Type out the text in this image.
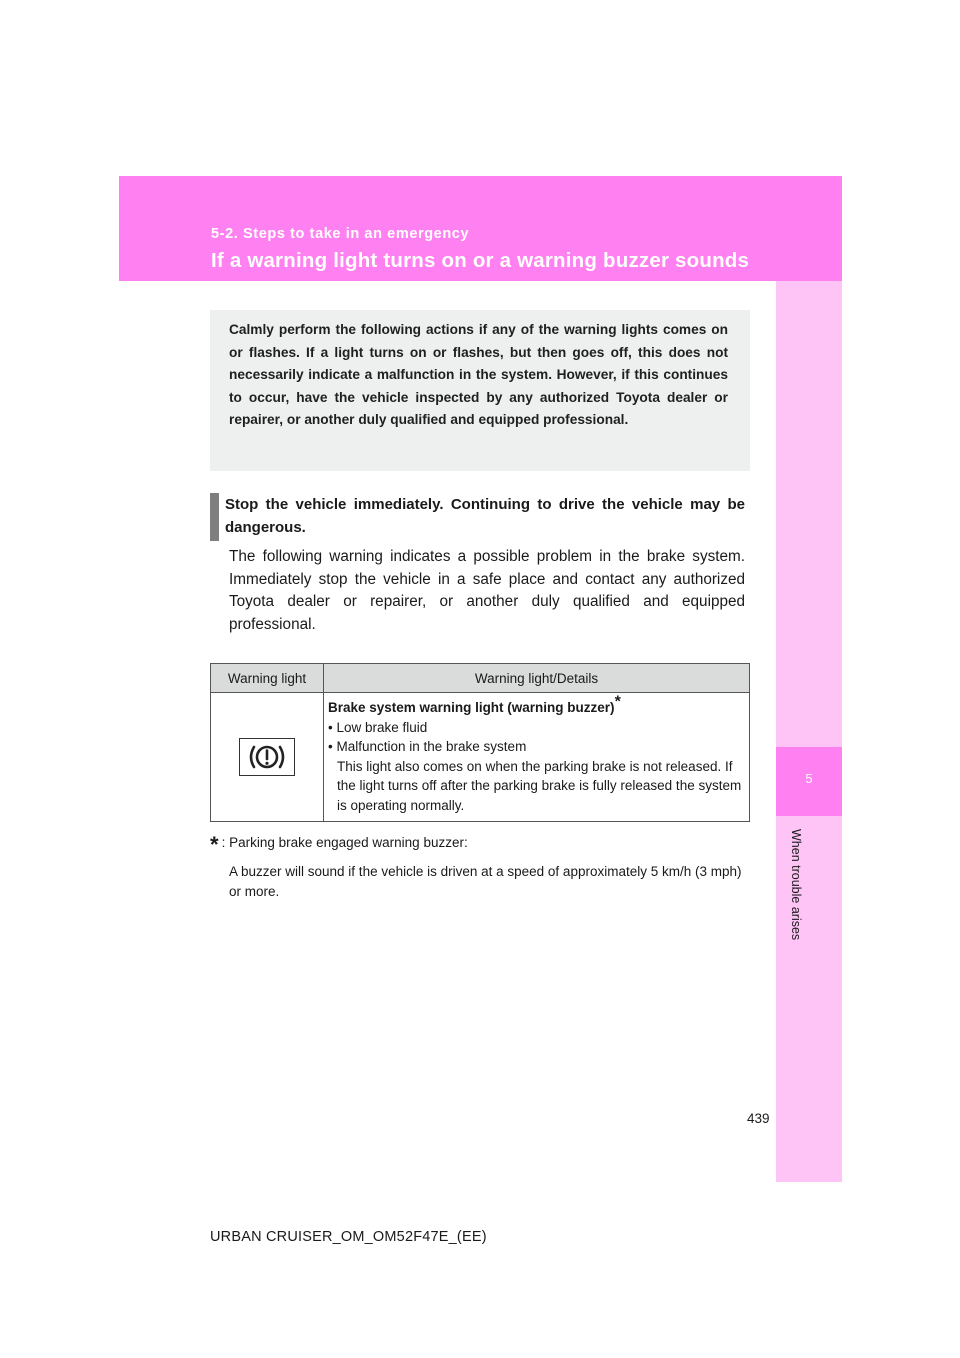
5-2. Steps to take in an emergency
If a warning light turns on or a warning buzzer sounds
5
When trouble arises

Calmly perform the following actions if any of the warning lights comes on or flashes. If a light turns on or flashes, but then goes off, this does not necessarily indicate a malfunction in the system. However, if this continues to occur, have the vehicle inspected by any authorized Toyota dealer or repairer, or another duly qualified and equipped professional.

Stop the vehicle immediately. Continuing to drive the vehicle may be dangerous.

The following warning indicates a possible problem in the brake system. Immediately stop the vehicle in a safe place and contact any authorized Toyota dealer or repairer, or another duly qualified and equipped professional.

Warning light	Warning light/Details

Brake system warning light (warning buzzer)*
• Low brake fluid
• Malfunction in the brake system
This light also comes on when the parking brake is not released. If the light turns off after the parking brake is fully released the system is operating normally.
* : Parking brake engaged warning buzzer:

A buzzer will sound if the vehicle is driven at a speed of approximately 5 km/h (3 mph) or more.

439
URBAN CRUISER_OM_OM52F47E_(EE)
